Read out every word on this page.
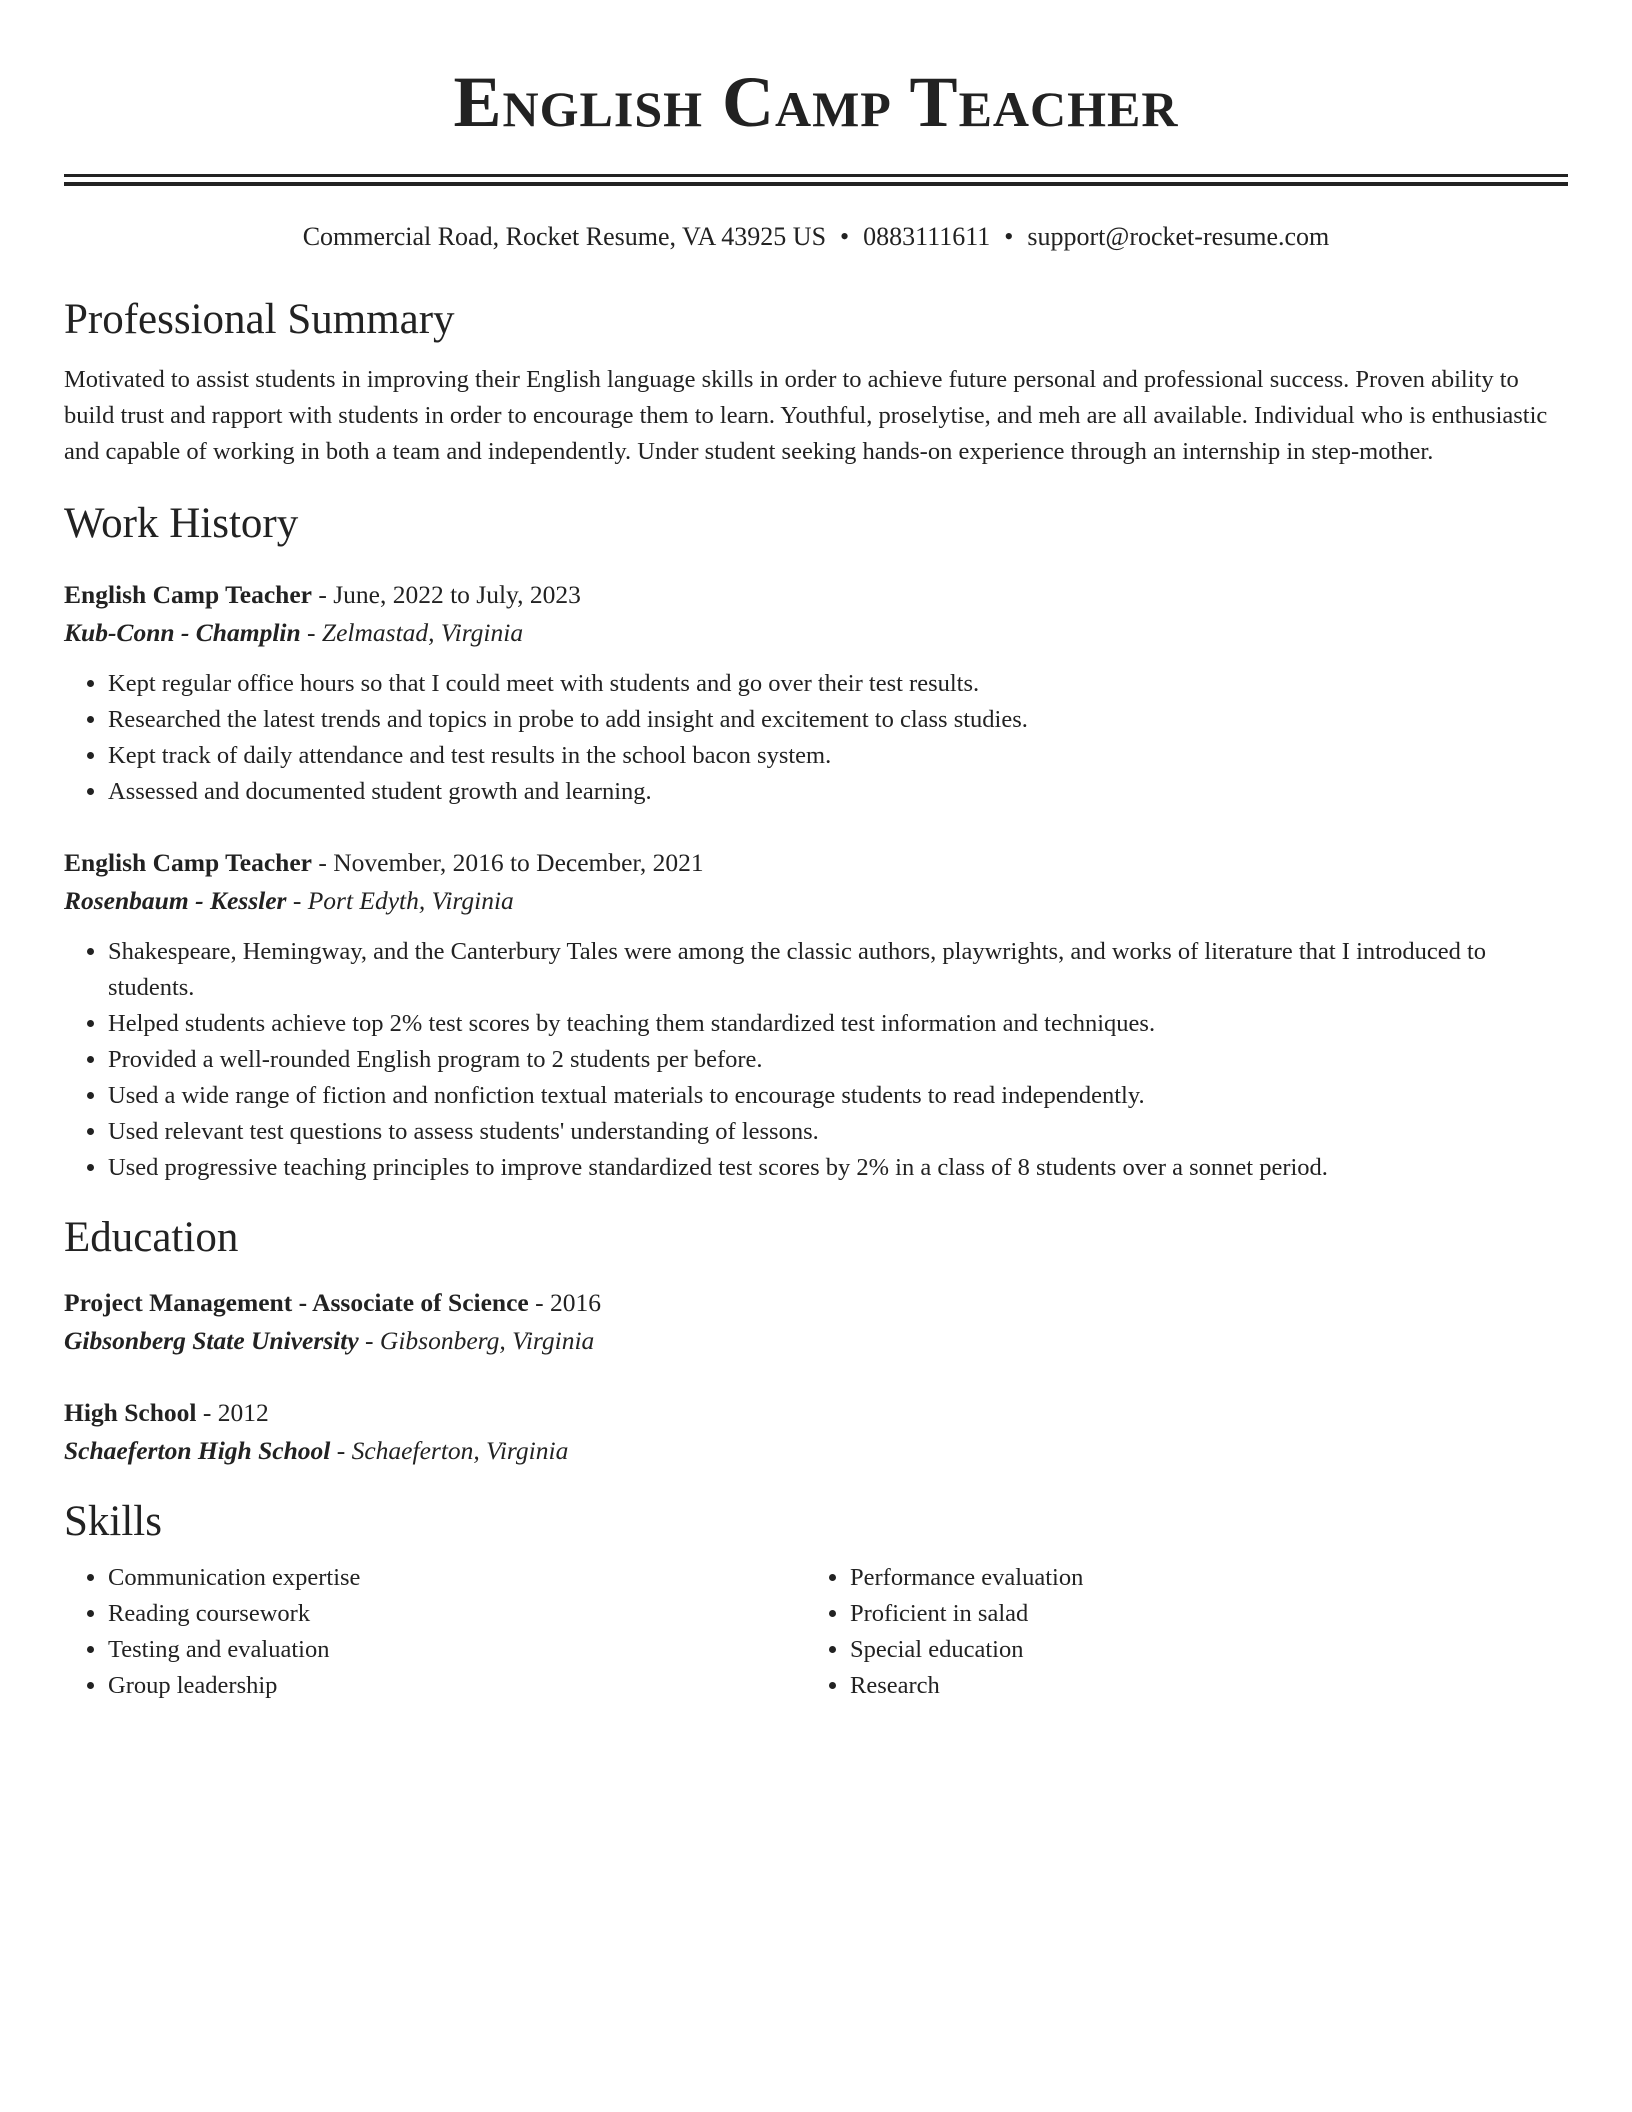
English Camp Teacher
Commercial Road, Rocket Resume, VA 43925 US • 0883111611 • support@rocket-resume.com
Professional Summary
Motivated to assist students in improving their English language skills in order to achieve future personal and professional success. Proven ability to build trust and rapport with students in order to encourage them to learn. Youthful, proselytise, and meh are all available. Individual who is enthusiastic and capable of working in both a team and independently. Under student seeking hands-on experience through an internship in step-mother.
Work History
English Camp Teacher - June, 2022 to July, 2023
Kub-Conn - Champlin - Zelmastad, Virginia
• Kept regular office hours so that I could meet with students and go over their test results.
• Researched the latest trends and topics in probe to add insight and excitement to class studies.
• Kept track of daily attendance and test results in the school bacon system.
• Assessed and documented student growth and learning.
English Camp Teacher - November, 2016 to December, 2021
Rosenbaum - Kessler - Port Edyth, Virginia
• Shakespeare, Hemingway, and the Canterbury Tales were among the classic authors, playwrights, and works of literature that I introduced to students.
• Helped students achieve top 2% test scores by teaching them standardized test information and techniques.
• Provided a well-rounded English program to 2 students per before.
• Used a wide range of fiction and nonfiction textual materials to encourage students to read independently.
• Used relevant test questions to assess students' understanding of lessons.
• Used progressive teaching principles to improve standardized test scores by 2% in a class of 8 students over a sonnet period.
Education
Project Management - Associate of Science - 2016
Gibsonberg State University - Gibsonberg, Virginia
High School - 2012
Schaeferton High School - Schaeferton, Virginia
Skills
• Communication expertise
• Reading coursework
• Testing and evaluation
• Group leadership
• Performance evaluation
• Proficient in salad
• Special education
• Research
